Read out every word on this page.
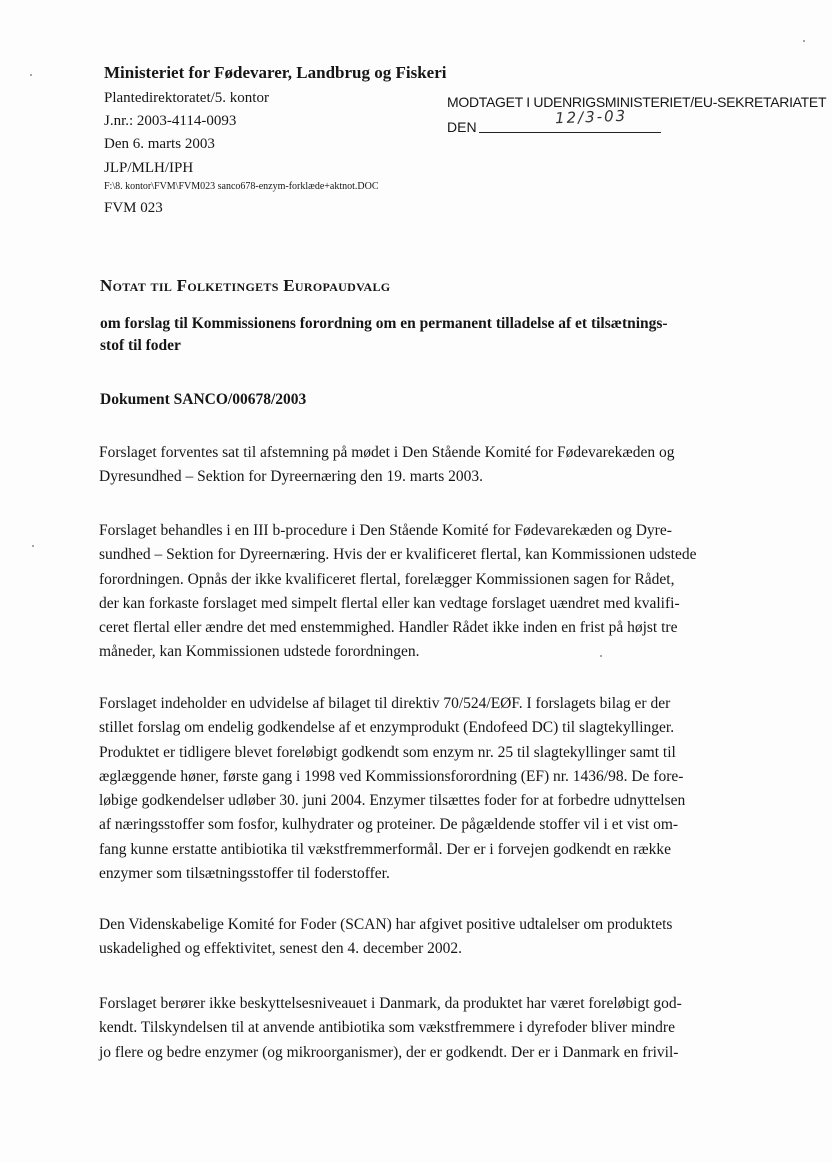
Ministeriet for Fødevarer, Landbrug og Fiskeri
Plantedirektoratet/5. kontor
J.nr.: 2003-4114-0093
Den 6. marts 2003
JLP/MLH/IPH
F:\8. kontor\FVM\FVM023 sanco678-enzym-forklæde+aktnot.DOC
FVM 023
MODTAGET I UDENRIGSMINISTERIET/EU-SEKRETARIATET
DEN	12/3-03
Notat til Folketingets Europaudvalg
om forslag til Kommissionens forordning om en permanent tilladelse af et tilsætnings-
stof til foder
Dokument SANCO/00678/2003
Forslaget forventes sat til afstemning på mødet i Den Stående Komité for Fødevarekæden og
Dyresundhed – Sektion for Dyreernæring den 19. marts 2003.
Forslaget behandles i en III b-procedure i Den Stående Komité for Fødevarekæden og Dyre-
sundhed – Sektion for Dyreernæring. Hvis der er kvalificeret flertal, kan Kommissionen udstede
forordningen. Opnås der ikke kvalificeret flertal, forelægger Kommissionen sagen for Rådet,
der kan forkaste forslaget med simpelt flertal eller kan vedtage forslaget uændret med kvalifi-
ceret flertal eller ændre det med enstemmighed. Handler Rådet ikke inden en frist på højst tre
måneder, kan Kommissionen udstede forordningen.
Forslaget indeholder en udvidelse af bilaget til direktiv 70/524/EØF. I forslagets bilag er der
stillet forslag om endelig godkendelse af et enzymprodukt (Endofeed DC) til slagtekyllinger.
Produktet er tidligere blevet foreløbigt godkendt som enzym nr. 25 til slagtekyllinger samt til
æglæggende høner, første gang i 1998 ved Kommissionsforordning (EF) nr. 1436/98. De fore-
løbige godkendelser udløber 30. juni 2004. Enzymer tilsættes foder for at forbedre udnyttelsen
af næringsstoffer som fosfor, kulhydrater og proteiner. De pågældende stoffer vil i et vist om-
fang kunne erstatte antibiotika til vækstfremmerformål. Der er i forvejen godkendt en række
enzymer som tilsætningsstoffer til foderstoffer.
Den Videnskabelige Komité for Foder (SCAN) har afgivet positive udtalelser om produktets
uskadelighed og effektivitet, senest den 4. december 2002.
Forslaget berører ikke beskyttelsesniveauet i Danmark, da produktet har været foreløbigt god-
kendt. Tilskyndelsen til at anvende antibiotika som vækstfremmere i dyrefoder bliver mindre
jo flere og bedre enzymer (og mikroorganismer), der er godkendt. Der er i Danmark en frivil-
